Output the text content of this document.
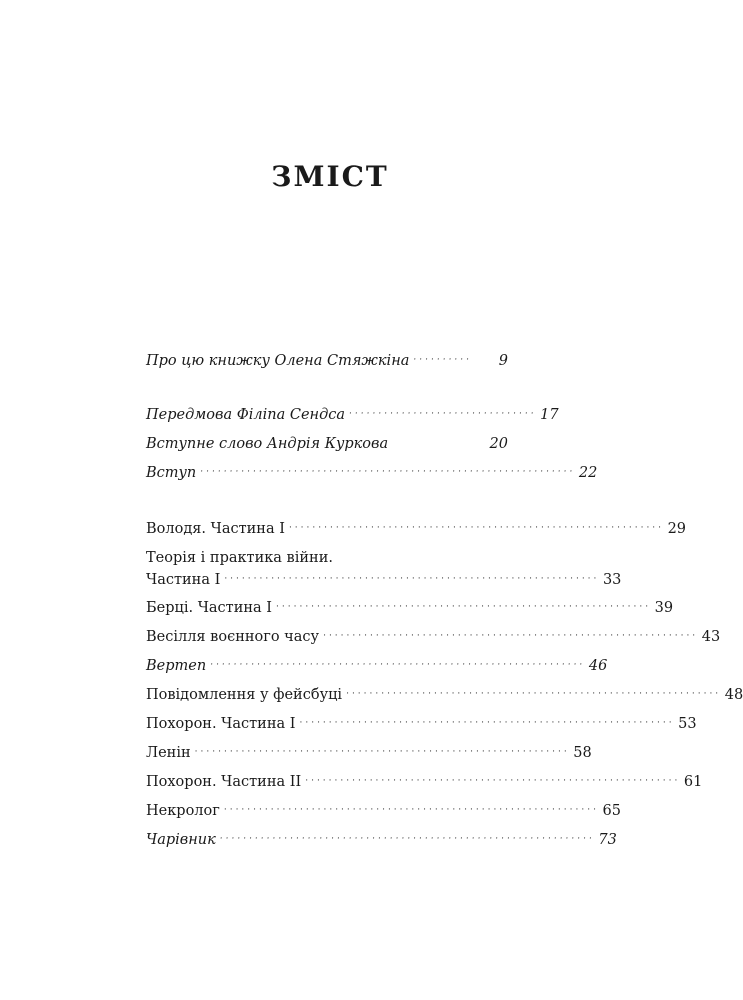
ЗМІСТ
Про цю книжку Олена Стяжкіна ··········	9
Передмова Філіпа Сендса ································ 17
Вступне слово Андрія Куркова	20
Вступ ································································ 22
Володя. Частина І ································································ 29
Теорія і практика війни.
Частина І ································································ 33
Берці. Частина І ································································ 39
Весілля воєнного часу ································································ 43
Вертеп ································································ 46
Повідомлення у фейсбуці ································································ 48
Похорон. Частина І ································································ 53
Ленін ································································ 58
Похорон. Частина ІІ ································································ 61
Некролог ································································ 65
Чарівник ································································ 73
